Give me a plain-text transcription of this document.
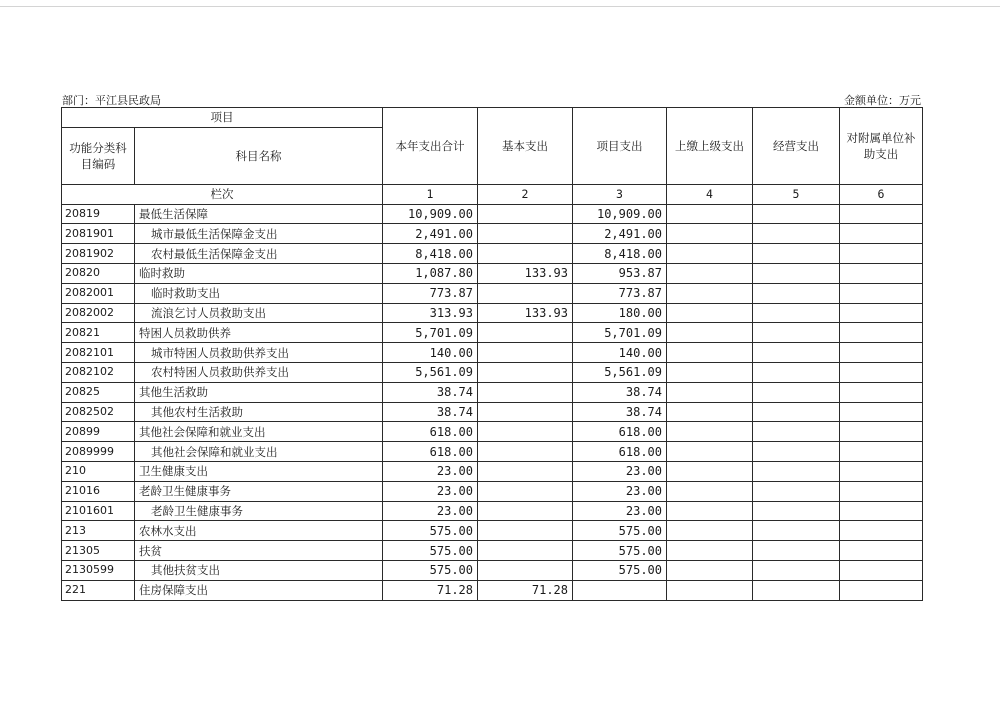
部门：平江县民政局	金额单位：万元
项目		本年支出合计	基本支出	项目支出	上缴上级支出	经营支出	对附属单位补助支出
功能分类科目编码	科目名称						
栏次		1	2	3	4	5	6
20819	最低生活保障	10,909.00		10,909.00			
2081901	城市最低生活保障金支出	2,491.00		2,491.00			
2081902	农村最低生活保障金支出	8,418.00		8,418.00			
20820	临时救助	1,087.80	133.93	953.87			
2082001	临时救助支出	773.87		773.87			
2082002	流浪乞讨人员救助支出	313.93	133.93	180.00			
20821	特困人员救助供养	5,701.09		5,701.09			
2082101	城市特困人员救助供养支出	140.00		140.00			
2082102	农村特困人员救助供养支出	5,561.09		5,561.09			
20825	其他生活救助	38.74		38.74			
2082502	其他农村生活救助	38.74		38.74			
20899	其他社会保障和就业支出	618.00		618.00			
2089999	其他社会保障和就业支出	618.00		618.00			
210	卫生健康支出	23.00		23.00			
21016	老龄卫生健康事务	23.00		23.00			
2101601	老龄卫生健康事务	23.00		23.00			
213	农林水支出	575.00		575.00			
21305	扶贫	575.00		575.00			
2130599	其他扶贫支出	575.00		575.00			
221	住房保障支出	71.28	71.28				
